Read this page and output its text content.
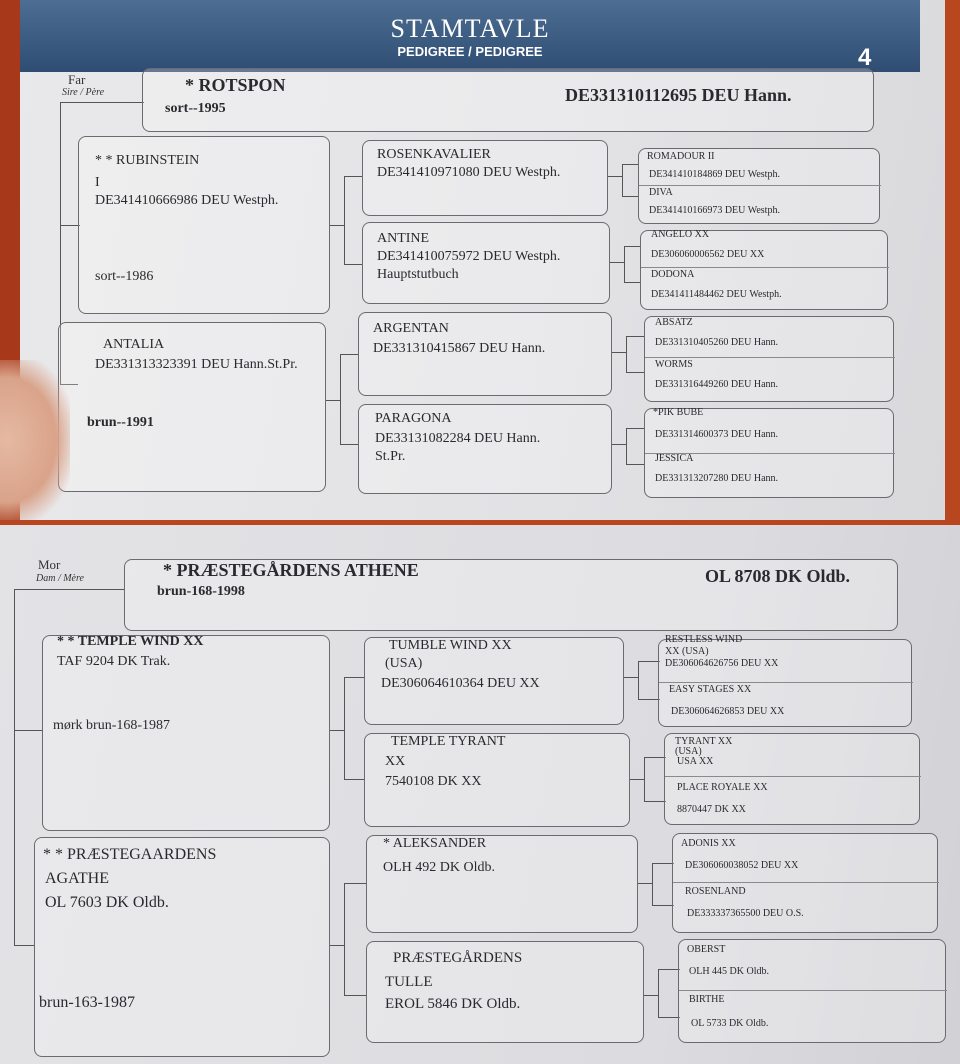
STAMTAVLE
PEDIGREE / PEDIGREE	4
Far
Sire / Père	* ROTSPON
sort--1995
DE331310112695 DEU Hann.
* * RUBINSTEIN
I
DE341410666986 DEU Westph.
sort--1986
ANTALIA
DE331313323391 DEU Hann.St.Pr.
brun--1991
ROSENKAVALIER
DE341410971080 DEU Westph.
ANTINE
DE341410075972 DEU Westph.
Hauptstutbuch
ARGENTAN
DE331310415867 DEU Hann.
PARAGONA
DE33131082284 DEU Hann.
St.Pr.
ROMADOUR II
DE341410184869 DEU Westph.
DIVA
DE341410166973 DEU Westph.
ANGELO XX
DE306060006562 DEU XX
DODONA
DE341411484462 DEU Westph.
ABSATZ
DE331310405260 DEU Hann.
WORMS
DE331316449260 DEU Hann.
*PIK BUBE
DE331314600373 DEU Hann.
JESSICA
DE331313207280 DEU Hann.
Mor
Dam / Mère	* PRÆSTEGÅRDENS ATHENE
brun-168-1998
OL 8708 DK Oldb.
* * TEMPLE WIND XX
TAF 9204 DK Trak.
mørk brun-168-1987
* * PRÆSTEGAARDENS
AGATHE
OL 7603 DK Oldb.
brun-163-1987
TUMBLE WIND XX
(USA)
DE306064610364 DEU XX
TEMPLE TYRANT
XX
7540108 DK XX
* ALEKSANDER
OLH 492 DK Oldb.
PRÆSTEGÅRDENS
TULLE
EROL 5846 DK Oldb.
RESTLESS WIND
XX (USA)
DE306064626756 DEU XX
EASY STAGES XX
DE306064626853 DEU XX
TYRANT XX
(USA)
USA XX
PLACE ROYALE XX
8870447 DK XX
ADONIS XX
DE306060038052 DEU XX
ROSENLAND
DE333337365500 DEU O.S.
OBERST
OLH 445 DK Oldb.
BIRTHE
OL 5733 DK Oldb.
